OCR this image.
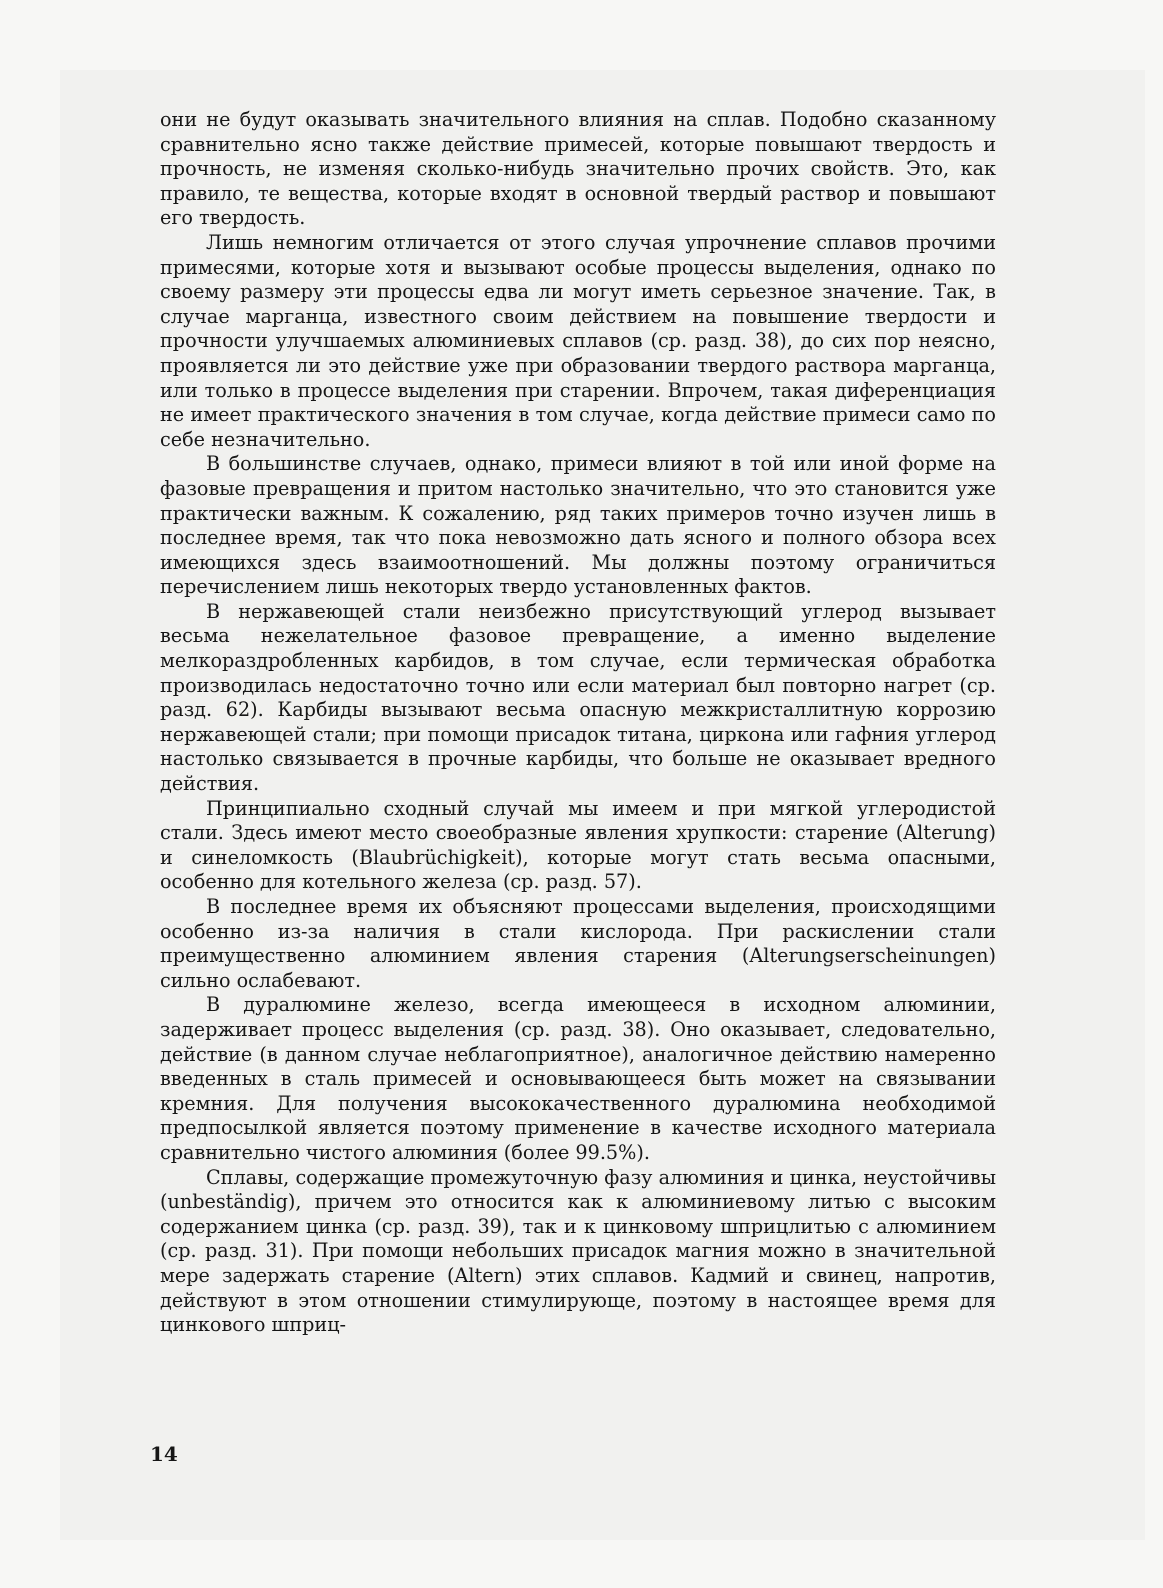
они не будут оказывать значительного влияния на сплав. Подобно сказанному сравнительно ясно также действие примесей, которые повышают твердость и прочность, не изменяя сколько-нибудь значительно прочих свойств. Это, как правило, те вещества, которые входят в основной твердый раствор и повышают его твердость.

Лишь немногим отличается от этого случая упрочнение сплавов прочими примесями, которые хотя и вызывают особые процессы выделения, однако по своему размеру эти процессы едва ли могут иметь серьезное значение. Так, в случае марганца, известного своим действием на повышение твердости и прочности улучшаемых алюминиевых сплавов (ср. разд. 38), до сих пор неясно, проявляется ли это действие уже при образовании твердого раствора марганца, или только в процессе выделения при старении. Впрочем, такая диференциация не имеет практического значения в том случае, когда действие примеси само по себе незначительно.

В большинстве случаев, однако, примеси влияют в той или иной форме на фазовые превращения и притом настолько значительно, что это становится уже практически важным. К сожалению, ряд таких примеров точно изучен лишь в последнее время, так что пока невозможно дать ясного и полного обзора всех имеющихся здесь взаимоотношений. Мы должны поэтому ограничиться перечислением лишь некоторых твердо установленных фактов.

В нержавеющей стали неизбежно присутствующий углерод вызывает весьма нежелательное фазовое превращение, а именно выделение мелкораздробленных карбидов, в том случае, если термическая обработка производилась недостаточно точно или если материал был повторно нагрет (ср. разд. 62). Карбиды вызывают весьма опасную межкристаллитную коррозию нержавеющей стали; при помощи присадок титана, циркона или гафния углерод настолько связывается в прочные карбиды, что больше не оказывает вредного действия.

Принципиально сходный случай мы имеем и при мягкой углеродистой стали. Здесь имеют место своеобразные явления хрупкости: старение (Alterung) и синеломкость (Blaubrüchigkeit), которые могут стать весьма опасными, особенно для котельного железа (ср. разд. 57).

В последнее время их объясняют процессами выделения, происходящими особенно из-за наличия в стали кислорода. При раскислении стали преимущественно алюминием явления старения (Alterungserscheinungen) сильно ослабевают.

В дуралюмине железо, всегда имеющееся в исходном алюминии, задерживает процесс выделения (ср. разд. 38). Оно оказывает, следовательно, действие (в данном случае неблагоприятное), аналогичное действию намеренно введенных в сталь примесей и основывающееся быть может на связывании кремния. Для получения высококачественного дуралюмина необходимой предпосылкой является поэтому применение в качестве исходного материала сравнительно чистого алюминия (более 99.5%).

Сплавы, содержащие промежуточную фазу алюминия и цинка, неустойчивы (unbeständig), причем это относится как к алюминиевому литью с высоким содержанием цинка (ср. разд. 39), так и к цинковому шприцлитью с алюминием (ср. разд. 31). При помощи небольших присадок магния можно в значительной мере задержать старение (Altern) этих сплавов. Кадмий и свинец, напротив, действуют в этом отношении стимулирующе, поэтому в настоящее время для цинкового шприц-

14
